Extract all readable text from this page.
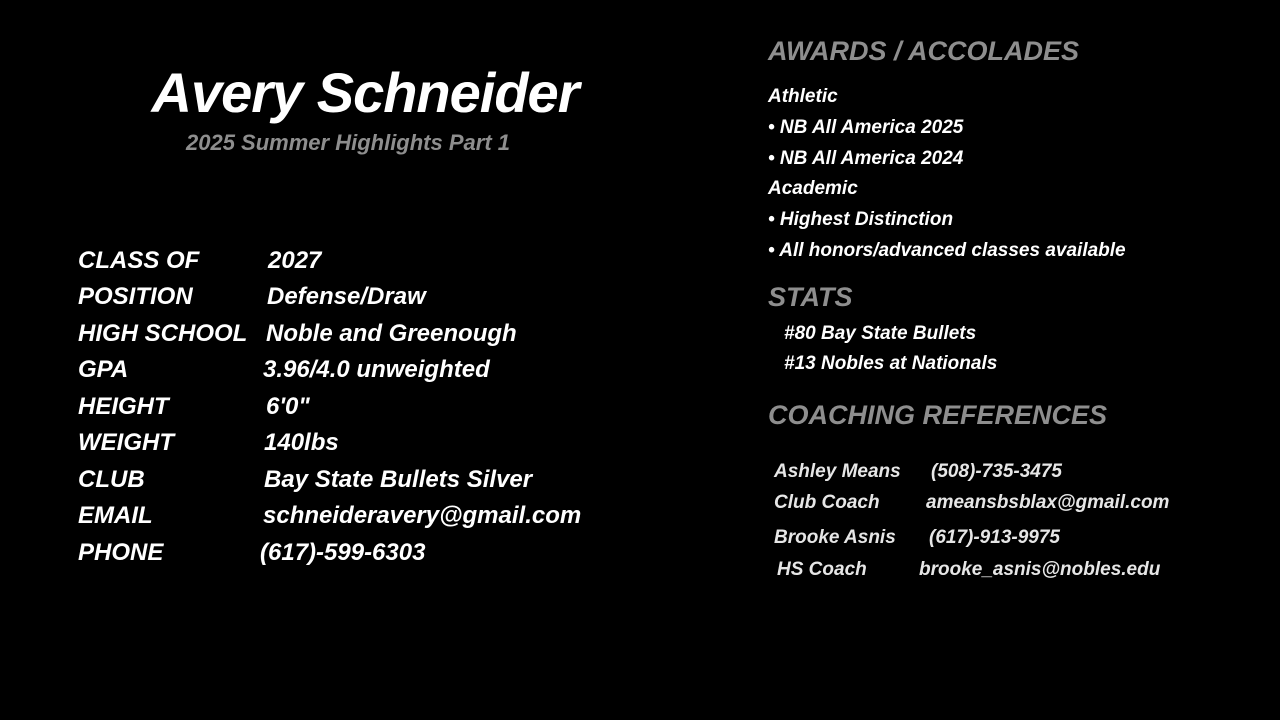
Avery Schneider
2025 Summer Highlights Part 1
CLASS OF	2027
POSITION	Defense/Draw
HIGH SCHOOL Noble and Greenough
GPA	3.96/4.0 unweighted
HEIGHT	6'0"
WEIGHT	140lbs
CLUB	Bay State Bullets Silver
EMAIL	schneideravery@gmail.com
PHONE	(617)-599-6303
AWARDS / ACCOLADES
Athletic
• NB All America 2025
• NB All America 2024
Academic
• Highest Distinction
• All honors/advanced classes available
STATS
#80 Bay State Bullets
#13 Nobles at Nationals
COACHING REFERENCES
Ashley Means (508)-735-3475
Club Coach ameansbsblax@gmail.com
Brooke Asnis (617)-913-9975
HS Coach	brooke_asnis@nobles.edu
